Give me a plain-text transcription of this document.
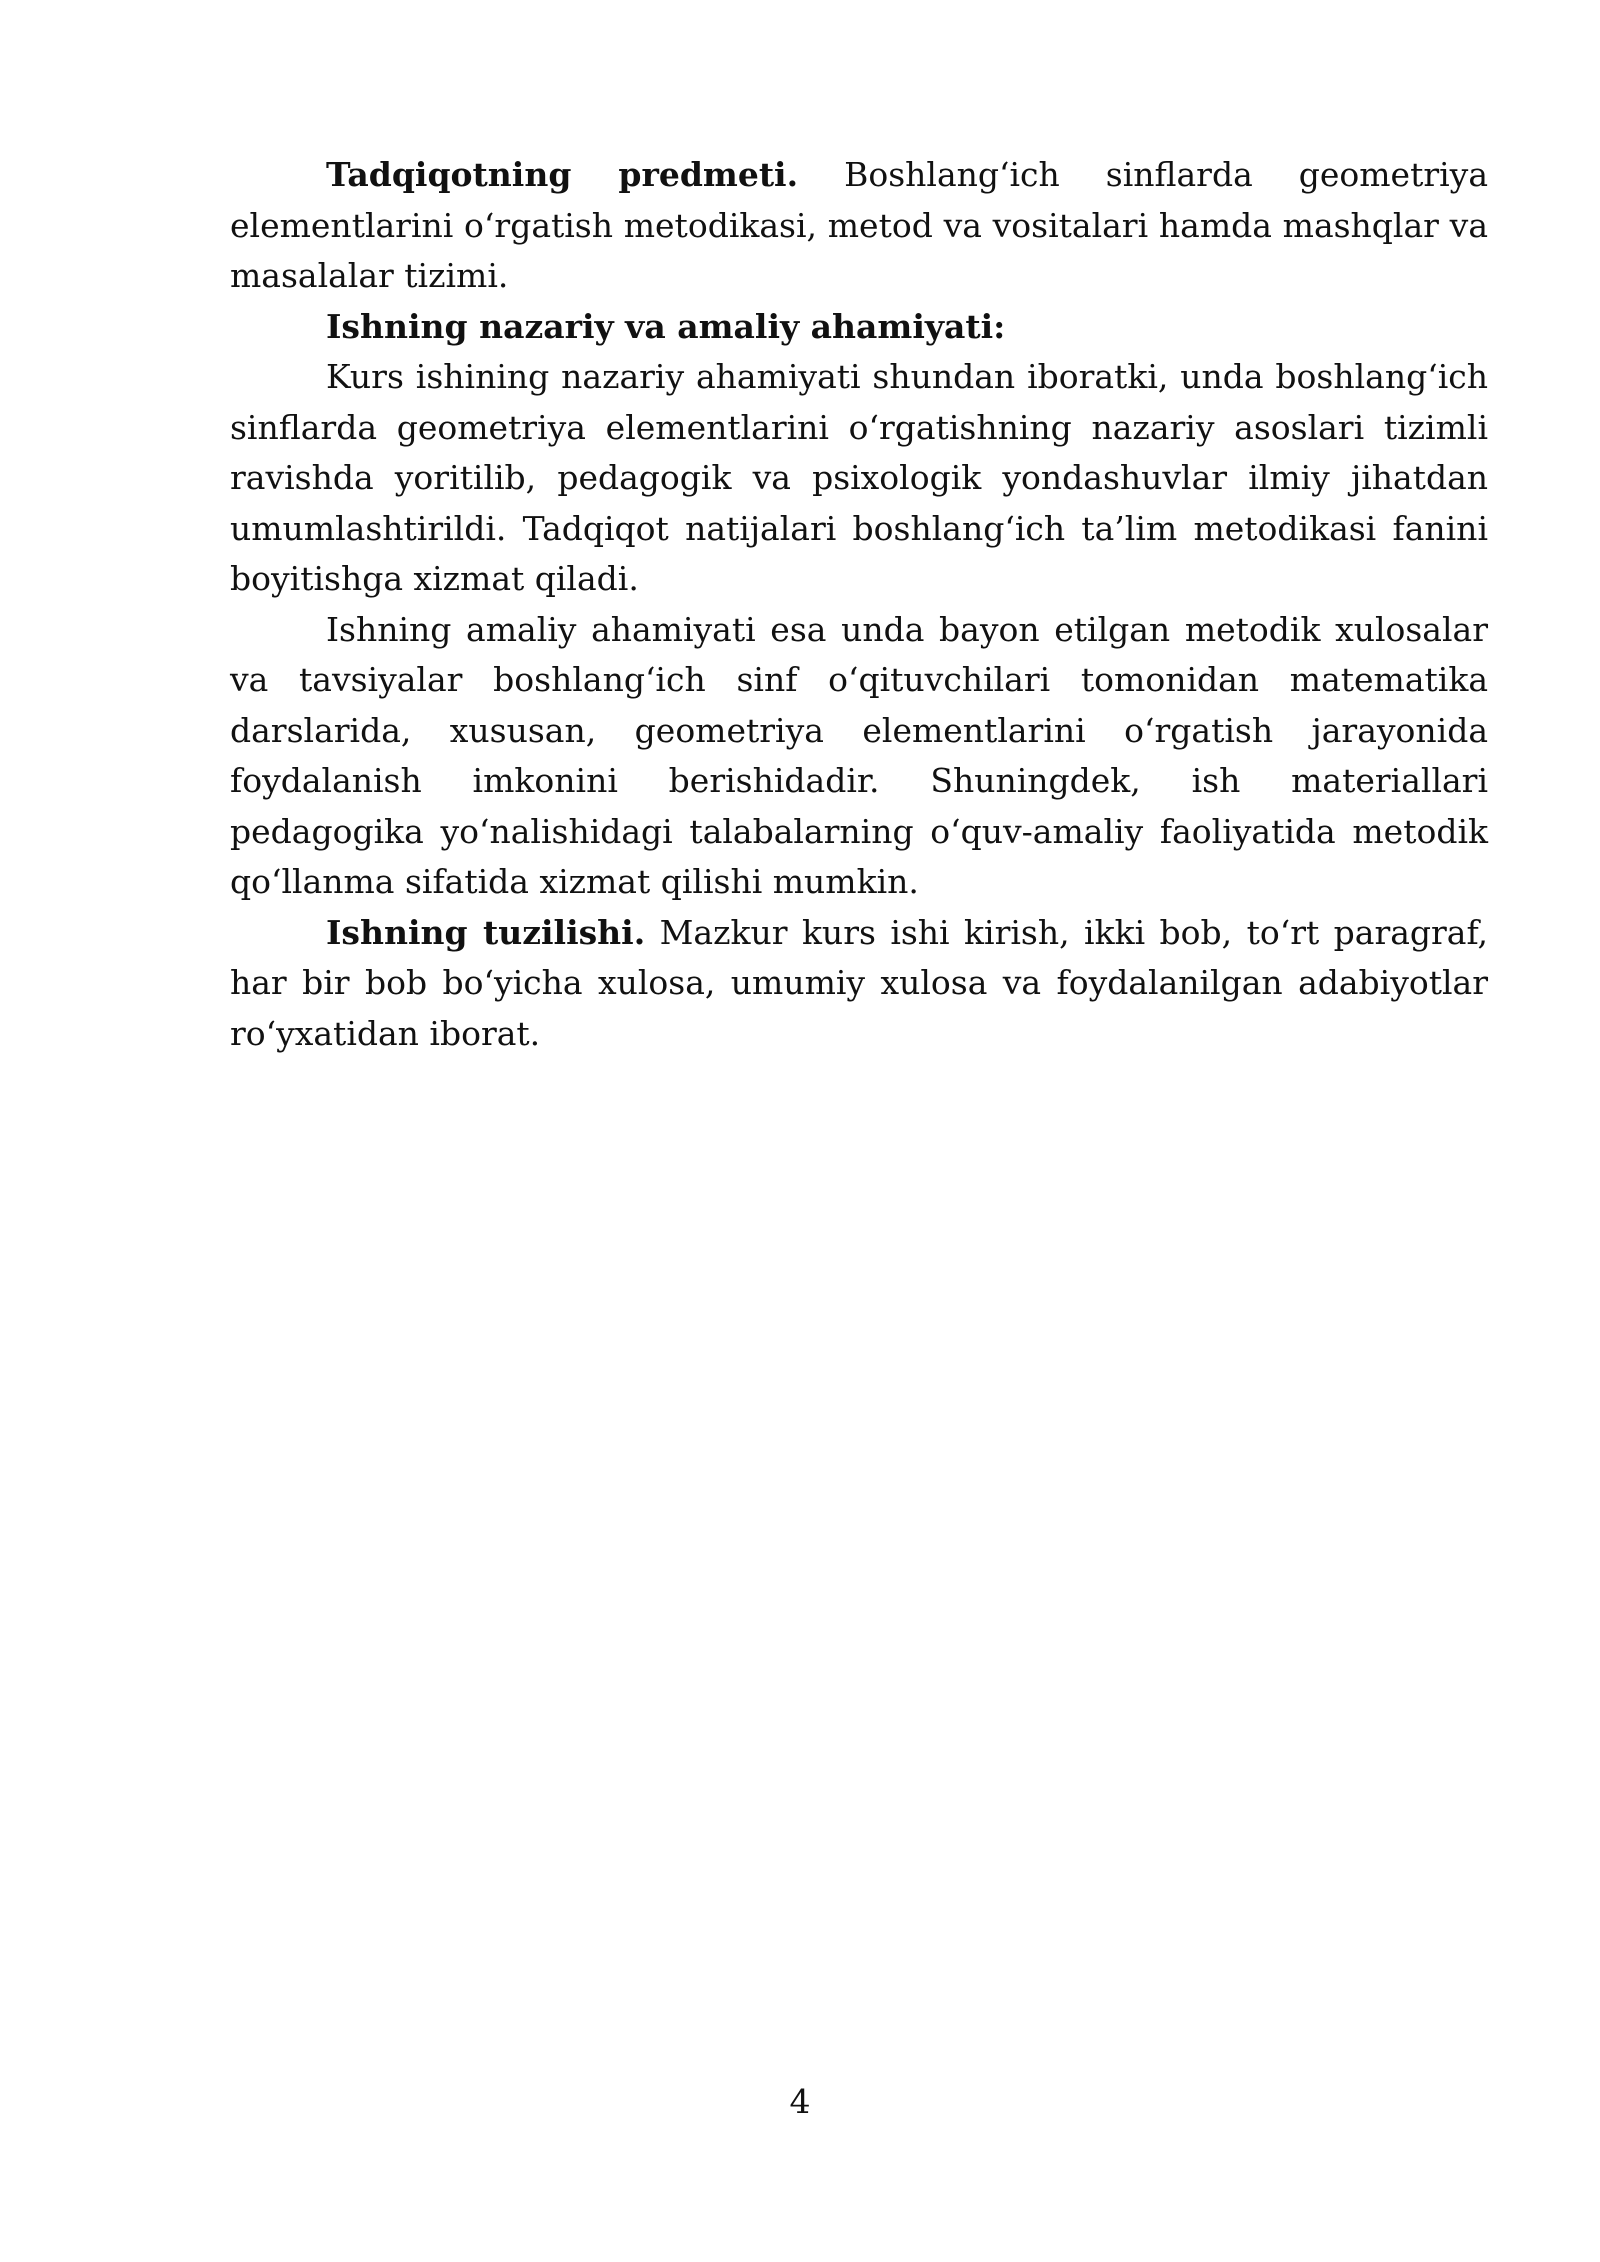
Tadqiqotning predmeti. Boshlang‘ich sinflarda geometriya elementlarini o‘rgatish metodikasi, metod va vositalari hamda mashqlar va masalalar tizimi.

Ishning nazariy va amaliy ahamiyati:

Kurs ishining nazariy ahamiyati shundan iboratki, unda boshlang‘ich sinflarda geometriya elementlarini o‘rgatishning nazariy asoslari tizimli ravishda yoritilib, pedagogik va psixologik yondashuvlar ilmiy jihatdan umumlashtirildi. Tadqiqot natijalari boshlang‘ich ta’lim metodikasi fanini boyitishga xizmat qiladi.

Ishning amaliy ahamiyati esa unda bayon etilgan metodik xulosalar va tavsiyalar boshlang‘ich sinf o‘qituvchilari tomonidan matematika darslarida, xususan, geometriya elementlarini o‘rgatish jarayonida foydalanish imkonini berishidadir. Shuningdek, ish materiallari pedagogika yo‘nalishidagi talabalarning o‘quv-amaliy faoliyatida metodik qo‘llanma sifatida xizmat qilishi mumkin.

Ishning tuzilishi. Mazkur kurs ishi kirish, ikki bob, to‘rt paragraf, har bir bob bo‘yicha xulosa, umumiy xulosa va foydalanilgan adabiyotlar ro‘yxatidan iborat.

4
